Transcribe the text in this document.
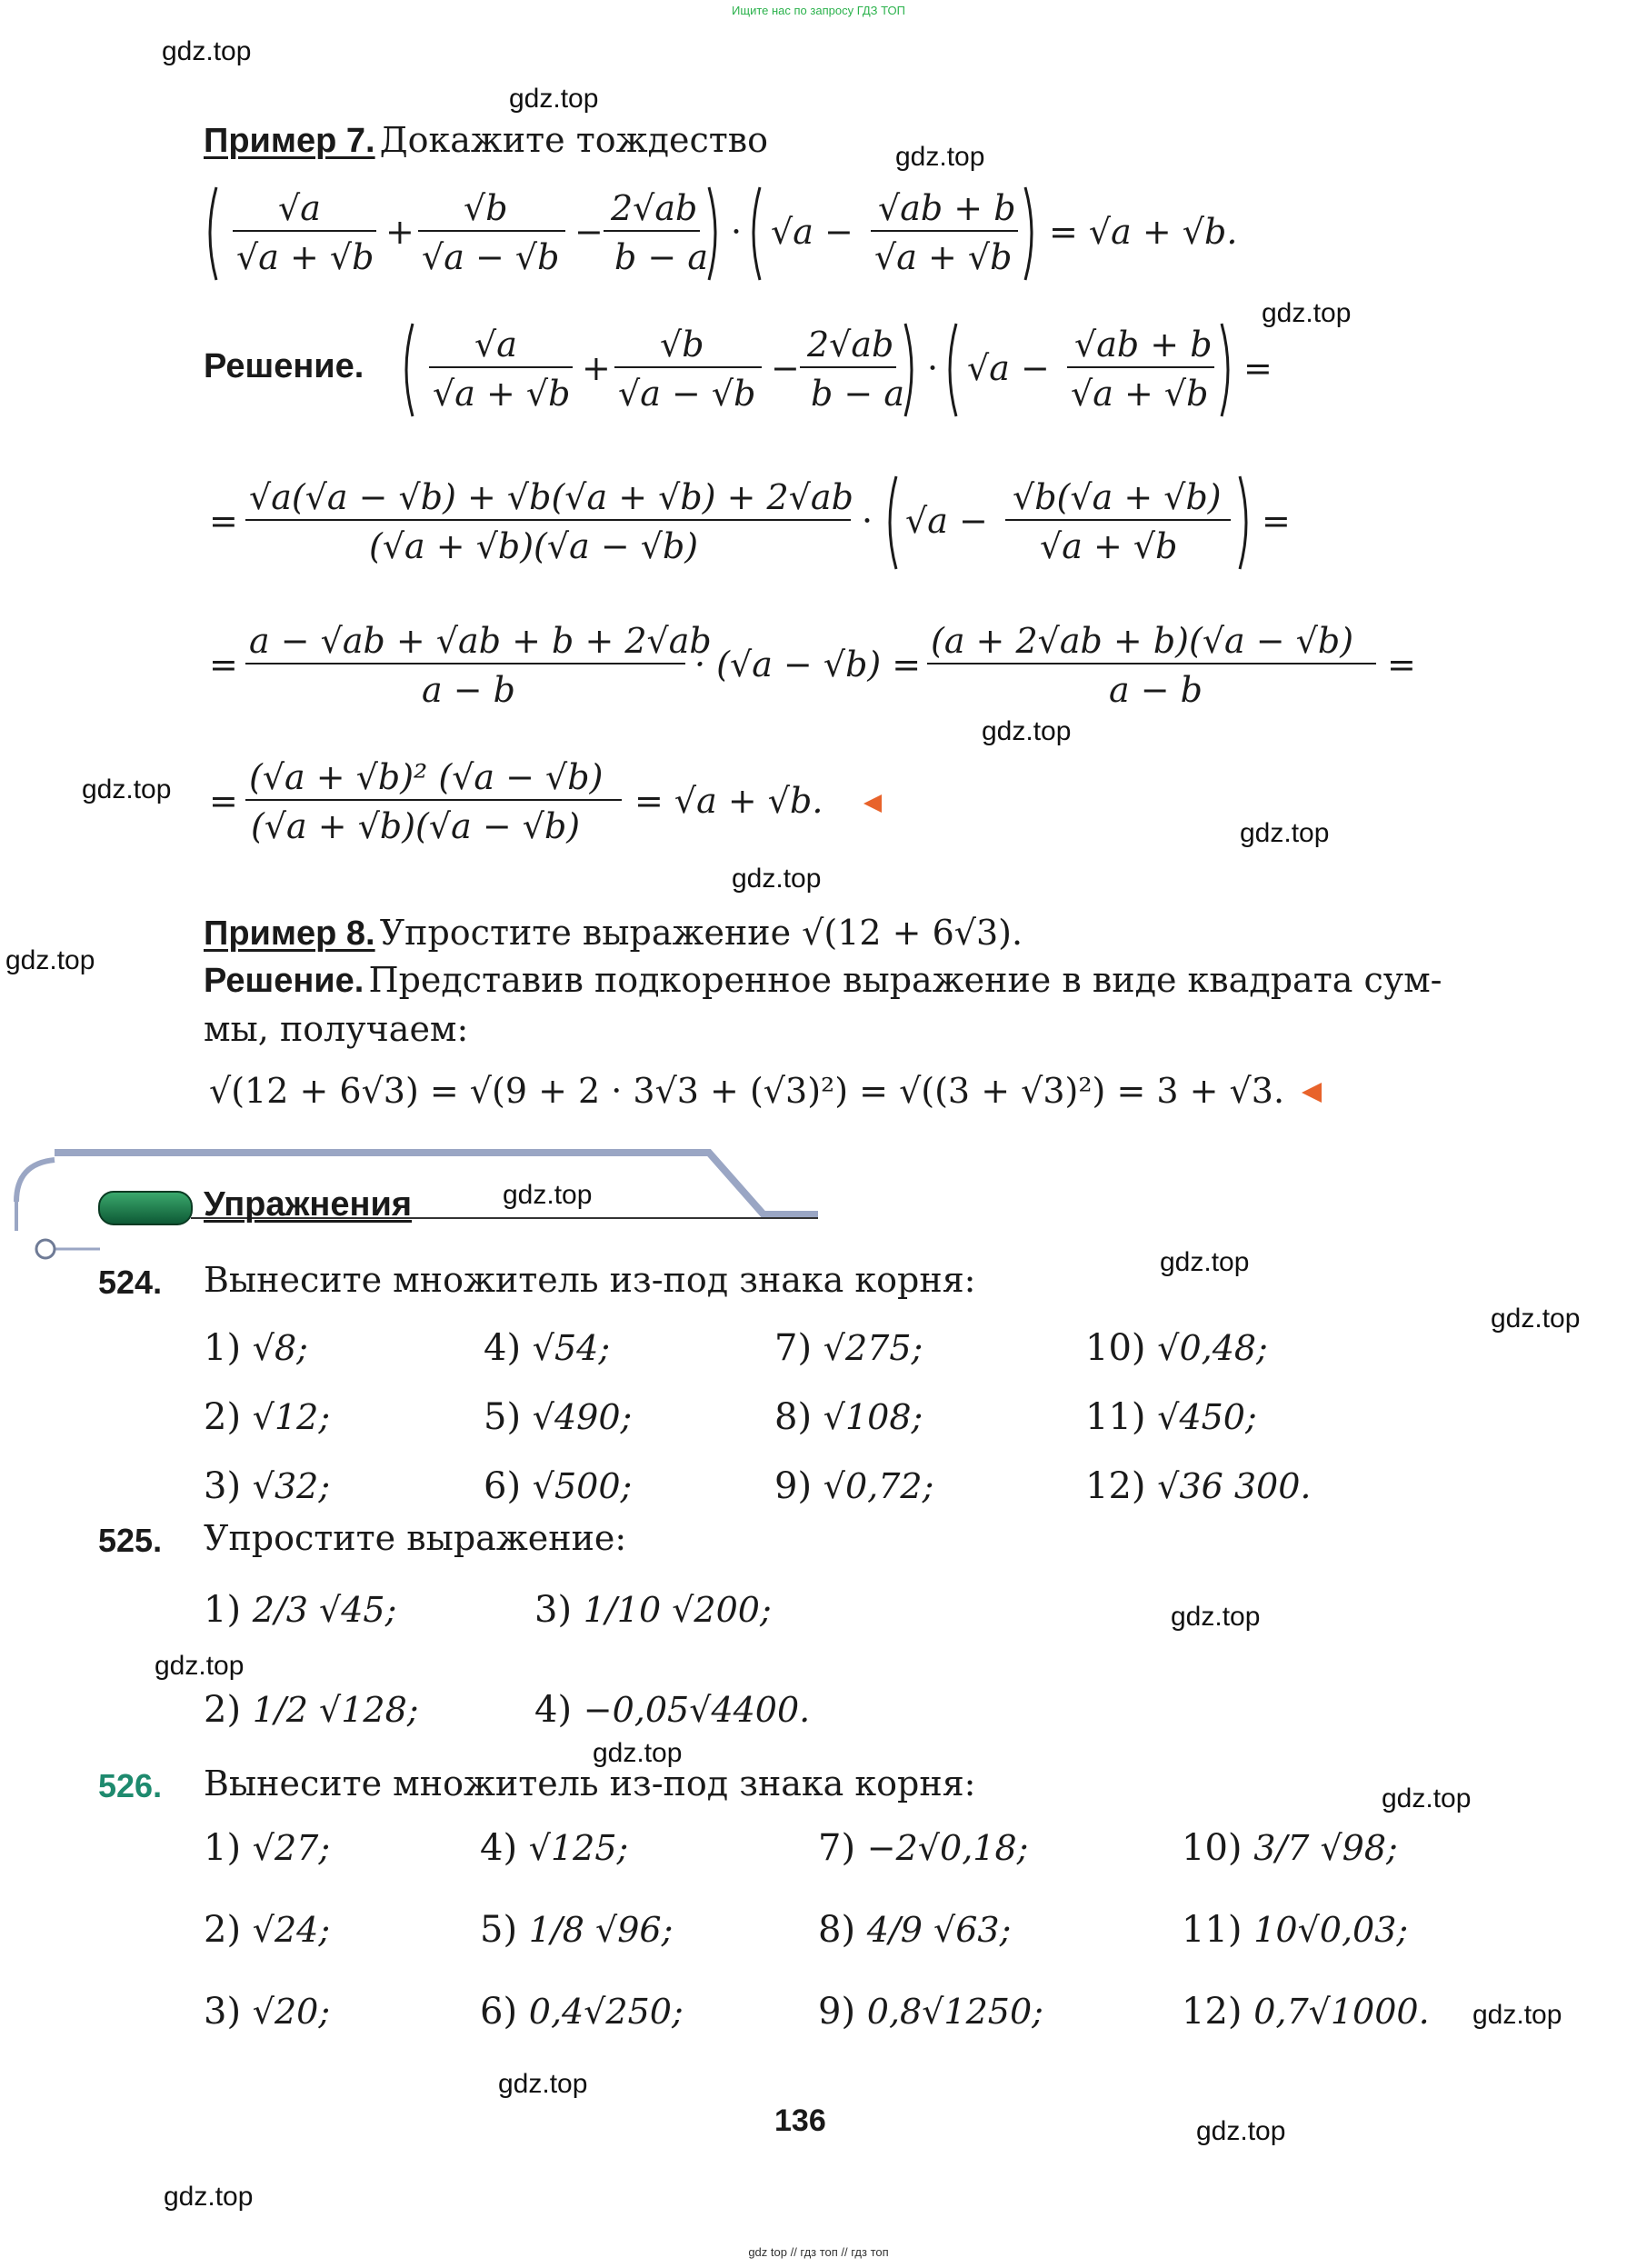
Ищите нас по запросу ГДЗ ТОП
gdz.top
gdz.top
gdz.top
gdz.top
gdz.top
gdz.top
gdz.top
gdz.top
gdz.top
gdz.top
gdz.top
gdz.top
gdz.top
gdz.top
gdz.top
gdz.top
gdz.top
gdz.top
gdz.top
gdz.top
Пример 7. Докажите тождество
√a
√a + √b
+
√b
√a − √b
−
2√ab
b − a
· √a −
√ab + b
√a + √b
= √a + √b.
Решение.
√a
√a + √b
+
√b
√a − √b
−
2√ab
b − a
· √a −
√ab + b
√a + √b
=
=
√a(√a − √b) + √b(√a + √b) + 2√ab
(√a + √b)(√a − √b)
· √a −
√b(√a + √b)
√a + √b
=
=
a − √ab + √ab + b + 2√ab
a − b
· (√a − √b) =
(a + 2√ab + b)(√a − √b)
a − b
=
=
(√a + √b)² (√a − √b)
(√a + √b)(√a − √b)
= √a + √b.
Пример 8. Упростите выражение √(12 + 6√3).
Решение. Представив подкоренное выражение в виде квадрата сум-
мы, получаем:
√(12 + 6√3) = √(9 + 2 · 3√3 + (√3)²) = √((3 + √3)²) = 3 + √3.
Упражнения
524. Вынесите множитель из-под знака корня:
1) √8;	4) √54;	7) √275;	10) √0,48;
2) √12;	5) √490;	8) √108;	11) √450;
3) √32;	6) √500;	9) √0,72;	12) √36 300.
525. Упростите выражение:
1) 2/3 √45;	3) 1/10 √200;
2) 1/2 √128;	4) −0,05√4400.
526. Вынесите множитель из-под знака корня:
1) √27;	4) √125;	7) −2√0,18;	10) 3/7 √98;
2) √24;	5) 1/8 √96;	8) 4/9 √63;	11) 10√0,03;
3) √20;	6) 0,4√250;	9) 0,8√1250;	12) 0,7√1000.
136
gdz top // гдз топ // гдз топ
